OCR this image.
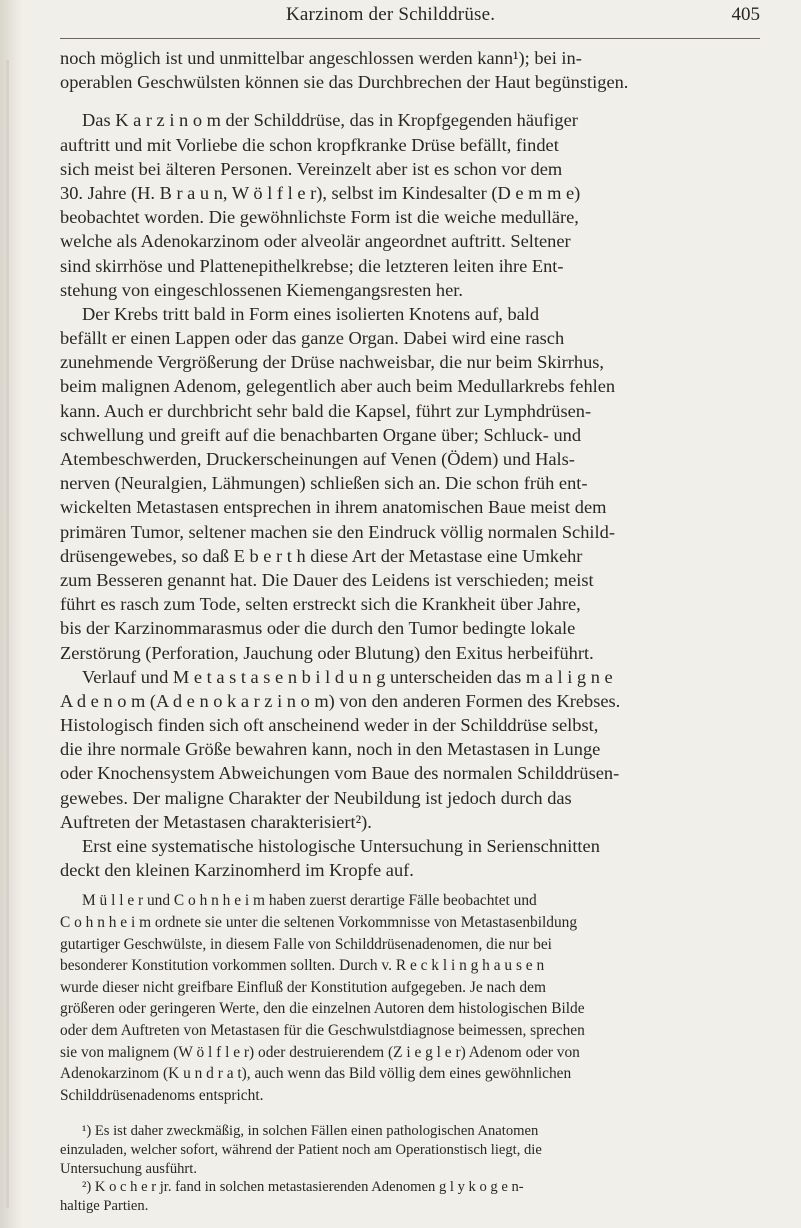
Karzinom der Schilddrüse.	405
noch möglich ist und unmittelbar angeschlossen werden kann¹); bei in-
operablen Geschwülsten können sie das Durchbrechen der Haut begünstigen.
Das K a r z i n o m der Schilddrüse, das in Kropfgegenden häufiger
auftritt und mit Vorliebe die schon kropfkranke Drüse befällt, findet
sich meist bei älteren Personen. Vereinzelt aber ist es schon vor dem
30. Jahre (H. B r a u n, W ö l f l e r), selbst im Kindesalter (D e m m e)
beobachtet worden. Die gewöhnlichste Form ist die weiche medulläre,
welche als Adenokarzinom oder alveolär angeordnet auftritt. Seltener
sind skirrhöse und Plattenepithelkrebse; die letzteren leiten ihre Ent-
stehung von eingeschlossenen Kiemengangsresten her.
Der Krebs tritt bald in Form eines isolierten Knotens auf, bald
befällt er einen Lappen oder das ganze Organ. Dabei wird eine rasch
zunehmende Vergrößerung der Drüse nachweisbar, die nur beim Skirrhus,
beim malignen Adenom, gelegentlich aber auch beim Medullarkrebs fehlen
kann. Auch er durchbricht sehr bald die Kapsel, führt zur Lymphdrüsen-
schwellung und greift auf die benachbarten Organe über; Schluck- und
Atembeschwerden, Druckerscheinungen auf Venen (Ödem) und Hals-
nerven (Neuralgien, Lähmungen) schließen sich an. Die schon früh ent-
wickelten Metastasen entsprechen in ihrem anatomischen Baue meist dem
primären Tumor, seltener machen sie den Eindruck völlig normalen Schild-
drüsengewebes, so daß E b e r t h diese Art der Metastase eine Umkehr
zum Besseren genannt hat. Die Dauer des Leidens ist verschieden; meist
führt es rasch zum Tode, selten erstreckt sich die Krankheit über Jahre,
bis der Karzinommarasmus oder die durch den Tumor bedingte lokale
Zerstörung (Perforation, Jauchung oder Blutung) den Exitus herbeiführt.
Verlauf und M e t a s t a s e n b i l d u n g unterscheiden das m a l i g n e
A d e n o m (A d e n o k a r z i n o m) von den anderen Formen des Krebses.
Histologisch finden sich oft anscheinend weder in der Schilddrüse selbst,
die ihre normale Größe bewahren kann, noch in den Metastasen in Lunge
oder Knochensystem Abweichungen vom Baue des normalen Schilddrüsen-
gewebes. Der maligne Charakter der Neubildung ist jedoch durch das
Auftreten der Metastasen charakterisiert²).
Erst eine systematische histologische Untersuchung in Serienschnitten
deckt den kleinen Karzinomherd im Kropfe auf.
M ü l l e r und C o h n h e i m haben zuerst derartige Fälle beobachtet und
C o h n h e i m ordnete sie unter die seltenen Vorkommnisse von Metastasenbildung
gutartiger Geschwülste, in diesem Falle von Schilddrüsenadenomen, die nur bei
besonderer Konstitution vorkommen sollten. Durch v. R e c k l i n g h a u s e n
wurde dieser nicht greifbare Einfluß der Konstitution aufgegeben. Je nach dem
größeren oder geringeren Werte, den die einzelnen Autoren dem histologischen Bilde
oder dem Auftreten von Metastasen für die Geschwulstdiagnose beimessen, sprechen
sie von malignem (W ö l f l e r) oder destruierendem (Z i e g l e r) Adenom oder von
Adenokarzinom (K u n d r a t), auch wenn das Bild völlig dem eines gewöhnlichen
Schilddrüsenadenoms entspricht.
¹) Es ist daher zweckmäßig, in solchen Fällen einen pathologischen Anatomen
einzuladen, welcher sofort, während der Patient noch am Operationstisch liegt, die
Untersuchung ausführt.
²) K o c h e r jr. fand in solchen metastasierenden Adenomen g l y k o g e n-
haltige Partien.
